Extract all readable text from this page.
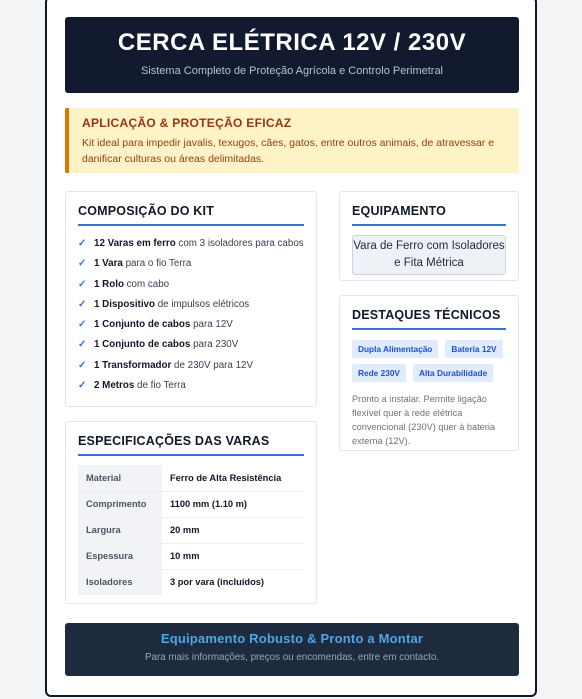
CERCA ELÉTRICA 12V / 230V
Sistema Completo de Proteção Agrícola e Controlo Perimetral
APLICAÇÃO & PROTEÇÃO EFICAZ
Kit ideal para impedir javalis, texugos, cães, gatos, entre outros animais, de atravessar e danificar culturas ou áreas delimitadas.
COMPOSIÇÃO DO KIT
✓ 12 Varas em ferro com 3 isoladores para cabos
✓ 1 Vara para o fio Terra
✓ 1 Rolo com cabo
✓ 1 Dispositivo de impulsos elétricos
✓ 1 Conjunto de cabos para 12V
✓ 1 Conjunto de cabos para 230V
✓ 1 Transformador de 230V para 12V
✓ 2 Metros de fio Terra
EQUIPAMENTO
Vara de Ferro com Isoladores e Fita Métrica
DESTAQUES TÉCNICOS
Dupla Alimentação	Bateria 12V
Rede 230V	Alta Durabilidade
Pronto a instalar. Permite ligação flexível quer à rede elétrica convencional (230V) quer à bateria externa (12V).
ESPECIFICAÇÕES DAS VARAS
Material	Ferro de Alta Resistência
Comprimento	1100 mm (1.10 m)
Largura	20 mm
Espessura	10 mm
Isoladores	3 por vara (incluídos)
Equipamento Robusto & Pronto a Montar
Para mais informações, preços ou encomendas, entre em contacto.
